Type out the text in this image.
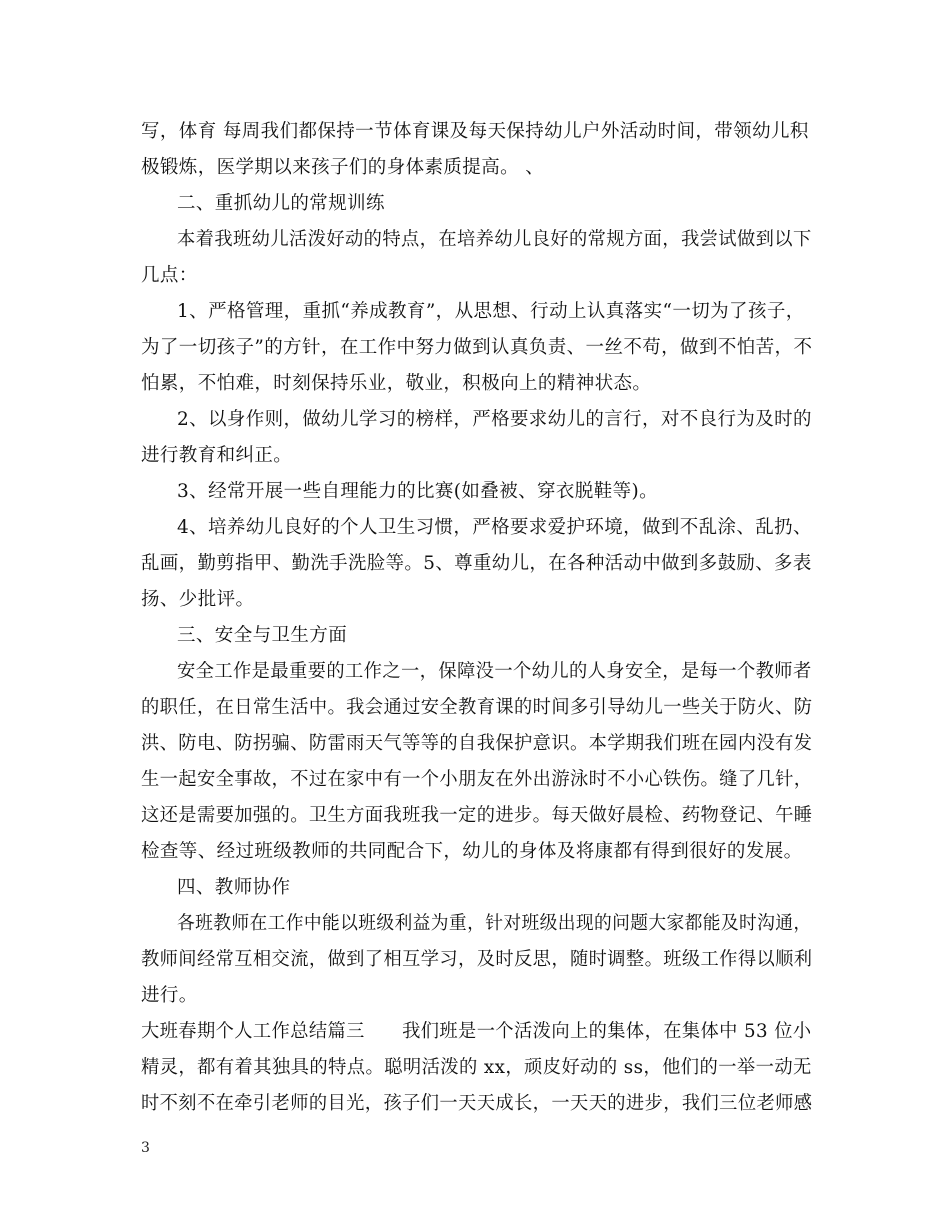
写，体育 每周我们都保持一节体育课及每天保持幼儿户外活动时间，带领幼儿积
极锻炼，医学期以来孩子们的身体素质提高。 、
二、重抓幼儿的常规训练
本着我班幼儿活泼好动的特点，在培养幼儿良好的常规方面，我尝试做到以下
几点：
1、严格管理，重抓“养成教育”，从思想、行动上认真落实“一切为了孩子，
为了一切孩子”的方针，在工作中努力做到认真负责、一丝不苟，做到不怕苦，不
怕累，不怕难，时刻保持乐业，敬业，积极向上的精神状态。
2、以身作则，做幼儿学习的榜样，严格要求幼儿的言行，对不良行为及时的
进行教育和纠正。
3、经常开展一些自理能力的比赛(如叠被、穿衣脱鞋等)。
4、培养幼儿良好的个人卫生习惯，严格要求爱护环境，做到不乱涂、乱扔、
乱画，勤剪指甲、勤洗手洗脸等。5、尊重幼儿，在各种活动中做到多鼓励、多表
扬、少批评。
三、安全与卫生方面
安全工作是最重要的工作之一，保障没一个幼儿的人身安全，是每一个教师者
的职任，在日常生活中。我会通过安全教育课的时间多引导幼儿一些关于防火、防
洪、防电、防拐骗、防雷雨天气等等的自我保护意识。本学期我们班在园内没有发
生一起安全事故，不过在家中有一个小朋友在外出游泳时不小心铁伤。缝了几针，
这还是需要加强的。卫生方面我班我一定的进步。每天做好晨检、药物登记、午睡
检查等、经过班级教师的共同配合下，幼儿的身体及将康都有得到很好的发展。
四、教师协作
各班教师在工作中能以班级利益为重，针对班级出现的问题大家都能及时沟通，
教师间经常互相交流，做到了相互学习，及时反思，随时调整。班级工作得以顺利
进行。
大班春期个人工作总结篇三　　我们班是一个活泼向上的集体，在集体中 53 位小
精灵，都有着其独具的特点。聪明活泼的 xx，顽皮好动的 ss，他们的一举一动无
时不刻不在牵引老师的目光，孩子们一天天成长，一天天的进步，我们三位老师感
3
